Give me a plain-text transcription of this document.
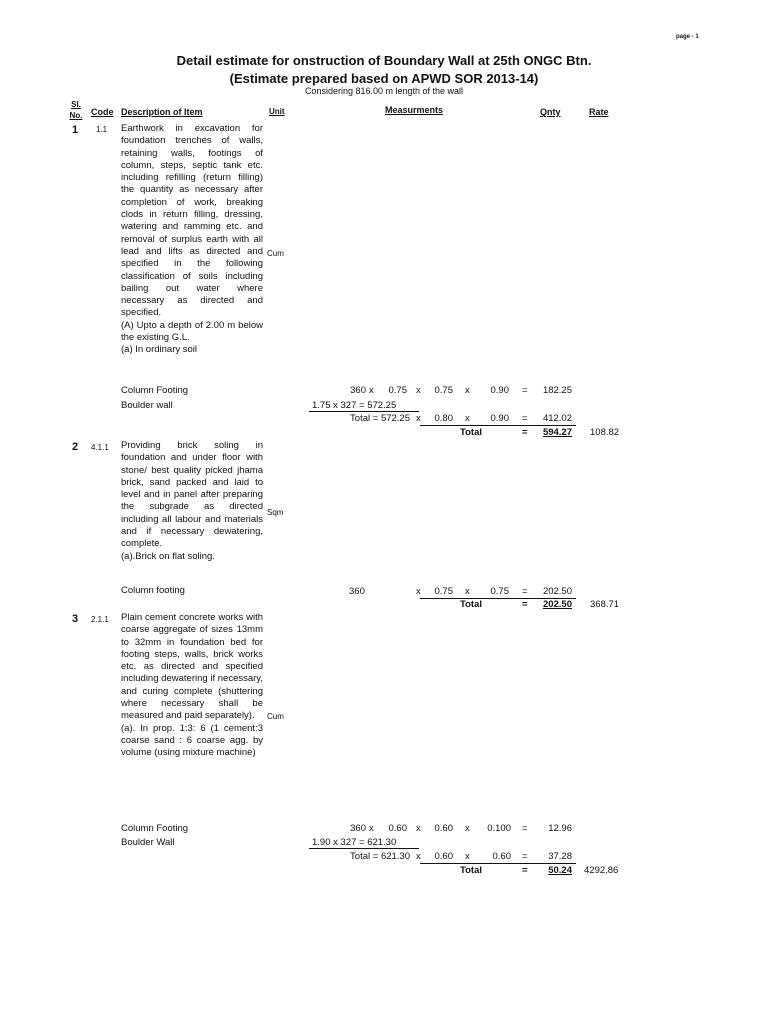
page - 1
Detail estimate for onstruction of Boundary Wall at 25th ONGC Btn.
(Estimate prepared based on APWD SOR 2013-14)
Considering 816.00 m length of the wall
Sl.
No. Code Description of Item	Unit	Measurments	Qnty	Rate
1 1.1 Earthwork in excavation for foundation trenches of walls, retaining walls, footings of column, steps, septic tank etc. including refilling (return filling) the quantity as necessary after completion of work, breaking clods in return filling, dressing, watering and ramming etc. and removal of surplus earth with all lead and lifts as directed and specified in the following classification of soils including bailing out water where necessary as directed and specified.

(A) Upto a depth of 2.00 m below the existing G.L.

(a) In ordinary soil

Cum
Column Footing	360 x	0.75 x	0.75 x	0.90 =	182.25
Boulder wall	1.75 x 327 = 572.25
Total = 572.25 x	0.80 x	0.90 =	412.02
Total	=	594.27 108.82
2 4.1.1 Providing brick soling in foundation and under floor with stone/ best quality picked jhama brick, sand packed and laid to level and in panel after preparing the subgrade as directed including all labour and materials and if necessary dewatering, complete.

(a).Brick on flat soling.

Sqm
Column footing	360	x	0.75 x	0.75 =	202.50
Total	=	202.50 368.71
3 2.1.1 Plain cement concrete works with coarse aggregate of sizes 13mm to 32mm in foundation bed for footing steps, walls, brick works etc. as directed and specified including dewatering if necessary, and curing complete (shuttering where necessary shall be measured and paid separately).

(a). In prop. 1:3: 6 (1 cement:3 coarse sand : 6 coarse agg. by volume (using mixture machine)

Cum
Column Footing	360 x	0.60 x	0.60 x	0.100 =	12.96
Boulder Wall	1.90 x 327 = 621.30
Total = 621.30 x	0.60 x	0.60 =	37.28
Total	=	50.24 4292.86
